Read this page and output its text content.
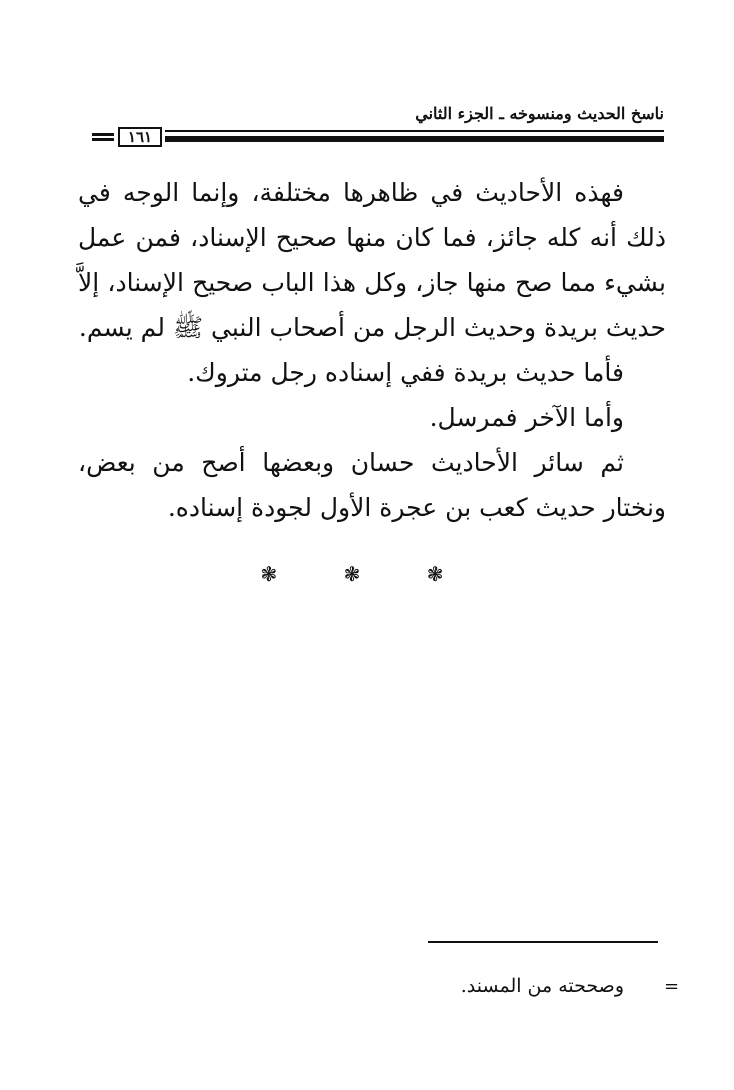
ناسخ الحديث ومنسوخه ـ الجزء الثاني
١٦١

فهذه الأحاديث في ظاهرها مختلفة، وإنما الوجه في ذلك أنه كله جائز، فما كان منها صحيح الإسناد، فمن عمل بشيء مما صح منها جاز، وكل هذا الباب صحيح الإسناد، إلاَّ حديث بريدة وحديث الرجل من أصحاب النبي ﷺ لم يسم.

فأما حديث بريدة ففي إسناده رجل متروك.

وأما الآخر فمرسل.

ثم سائر الأحاديث حسان وبعضها أصح من بعض، ونختار حديث كعب بن عجرة الأول لجودة إسناده.

❃ ❃ ❃
وصححته من المسند. =
